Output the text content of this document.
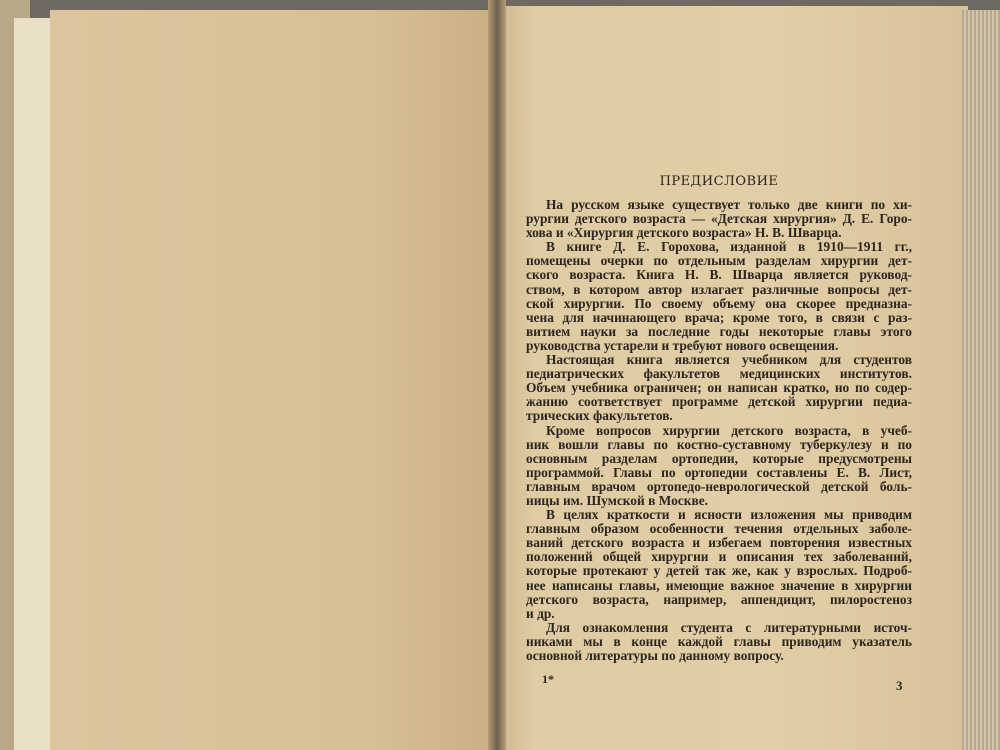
ПРЕДИСЛОВИЕ
На русском языке существует только две книги по хи-
рургии детского возраста — «Детская хирургия» Д. Е. Горо-
хова и «Хирургия детского возраста» Н. В. Шварца.
В книге Д. Е. Горохова, изданной в 1910—1911 гг.,
помещены очерки по отдельным разделам хирургии дет-
ского возраста. Книга Н. В. Шварца является руковод-
ством, в котором автор излагает различные вопросы дет-
ской хирургии. По своему объему она скорее предназна-
чена для начинающего врача; кроме того, в связи с раз-
витием науки за последние годы некоторые главы этого
руководства устарели и требуют нового освещения.
Настоящая книга является учебником для студентов
педиатрических факультетов медицинских институтов.
Объем учебника ограничен; он написан кратко, но по содер-
жанию соответствует программе детской хирургии педиа-
трических факультетов.
Кроме вопросов хирургии детского возраста, в учеб-
ник вошли главы по костно-суставному туберкулезу и по
основным разделам ортопедии, которые предусмотрены
программой. Главы по ортопедии составлены Е. В. Лист,
главным врачом ортопедо-неврологической детской боль-
ницы им. Шумской в Москве.
В целях краткости и ясности изложения мы приводим
главным образом особенности течения отдельных заболе-
ваний детского возраста и избегаем повторения известных
положений общей хирургии и описания тех заболеваний,
которые протекают у детей так же, как у взрослых. Подроб-
нее написаны главы, имеющие важное значение в хирургии
детского возраста, например, аппендицит, пилоростеноз
и др.
Для ознакомления студента с литературными источ-
никами мы в конце каждой главы приводим указатель
основной литературы по данному вопросу.
1*	3
